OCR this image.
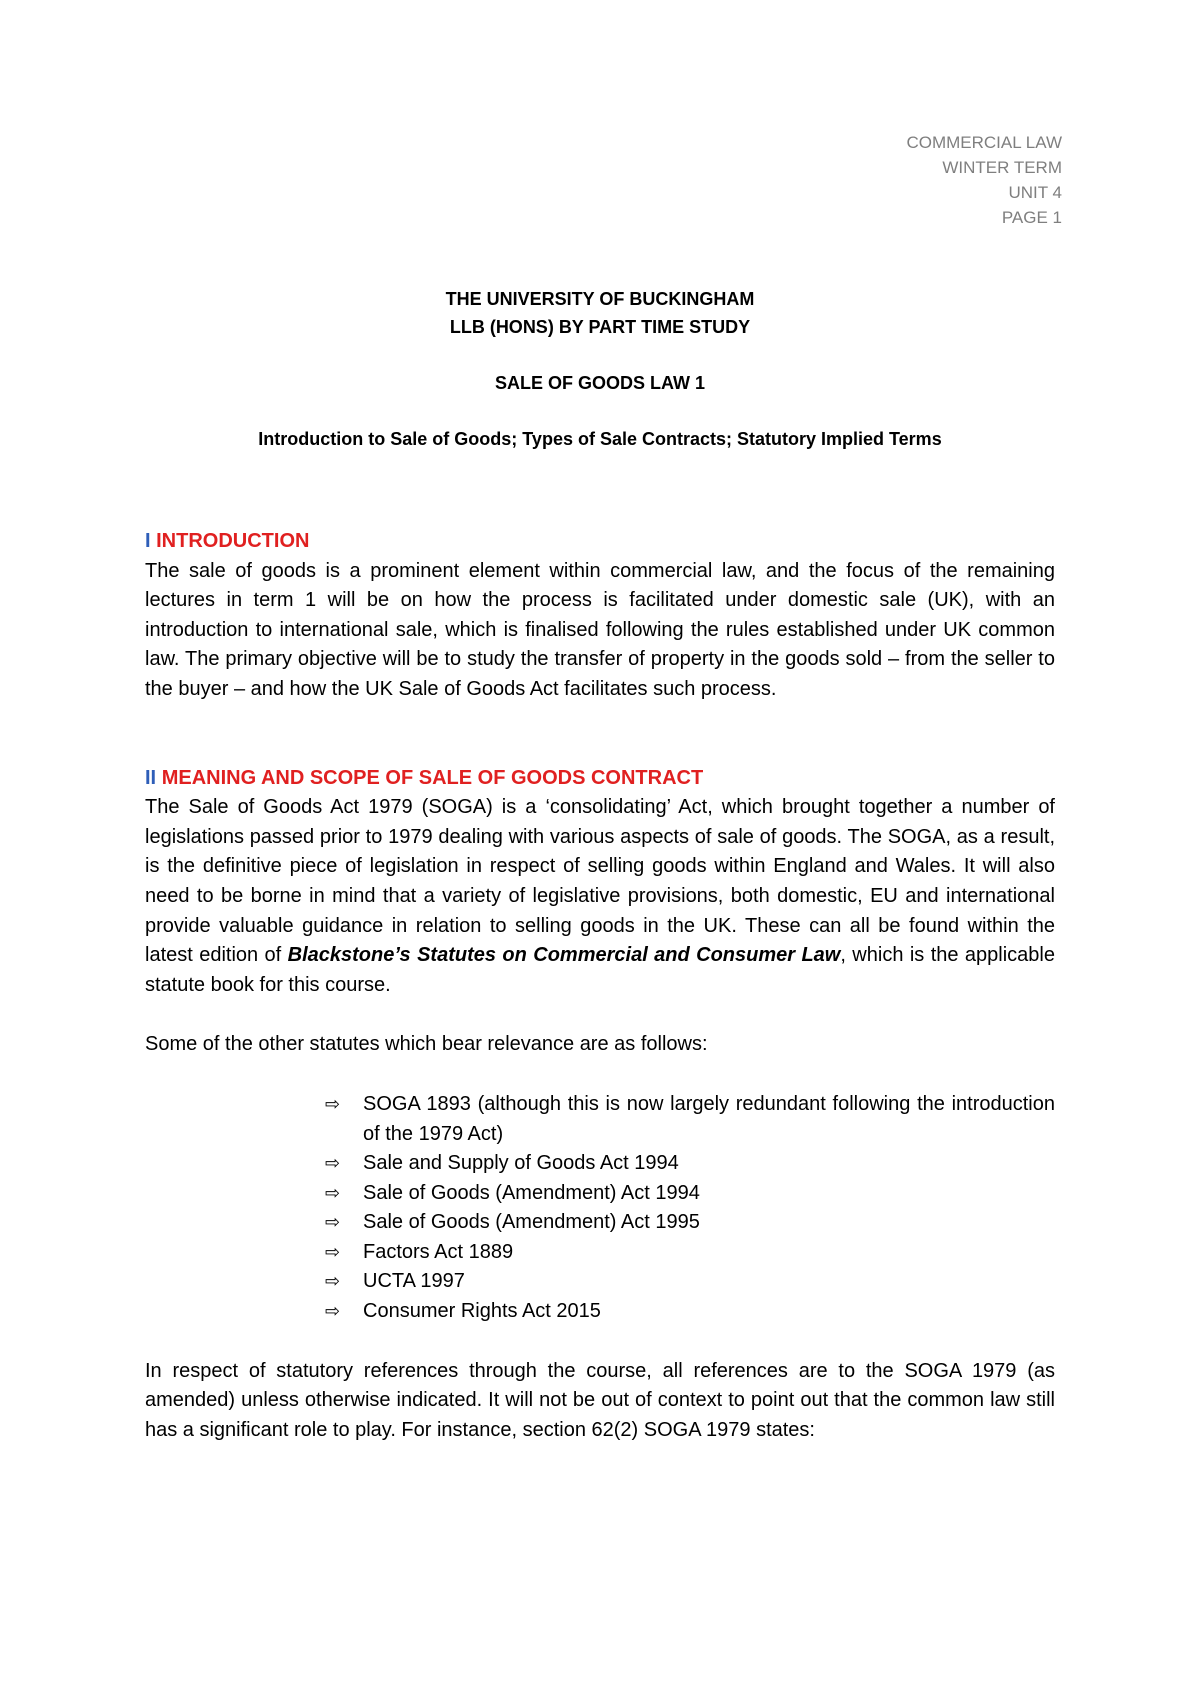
COMMERCIAL LAW
WINTER TERM
UNIT 4
PAGE 1
THE UNIVERSITY OF BUCKINGHAM
LLB (HONS) BY PART TIME STUDY
SALE OF GOODS LAW 1
Introduction to Sale of Goods; Types of Sale Contracts; Statutory Implied Terms
I INTRODUCTION
The sale of goods is a prominent element within commercial law, and the focus of the remaining lectures in term 1 will be on how the process is facilitated under domestic sale (UK), with an introduction to international sale, which is finalised following the rules established under UK common law. The primary objective will be to study the transfer of property in the goods sold – from the seller to the buyer – and how the UK Sale of Goods Act facilitates such process.
II MEANING AND SCOPE OF SALE OF GOODS CONTRACT
The Sale of Goods Act 1979 (SOGA) is a ‘consolidating’ Act, which brought together a number of legislations passed prior to 1979 dealing with various aspects of sale of goods. The SOGA, as a result, is the definitive piece of legislation in respect of selling goods within England and Wales. It will also need to be borne in mind that a variety of legislative provisions, both domestic, EU and international provide valuable guidance in relation to selling goods in the UK. These can all be found within the latest edition of Blackstone’s Statutes on Commercial and Consumer Law, which is the applicable statute book for this course.
Some of the other statutes which bear relevance are as follows:
⇨ SOGA 1893 (although this is now largely redundant following the introduction of the 1979 Act)
⇨ Sale and Supply of Goods Act 1994
⇨ Sale of Goods (Amendment) Act 1994
⇨ Sale of Goods (Amendment) Act 1995
⇨ Factors Act 1889
⇨ UCTA 1997
⇨ Consumer Rights Act 2015
In respect of statutory references through the course, all references are to the SOGA 1979 (as amended) unless otherwise indicated. It will not be out of context to point out that the common law still has a significant role to play. For instance, section 62(2) SOGA 1979 states:
